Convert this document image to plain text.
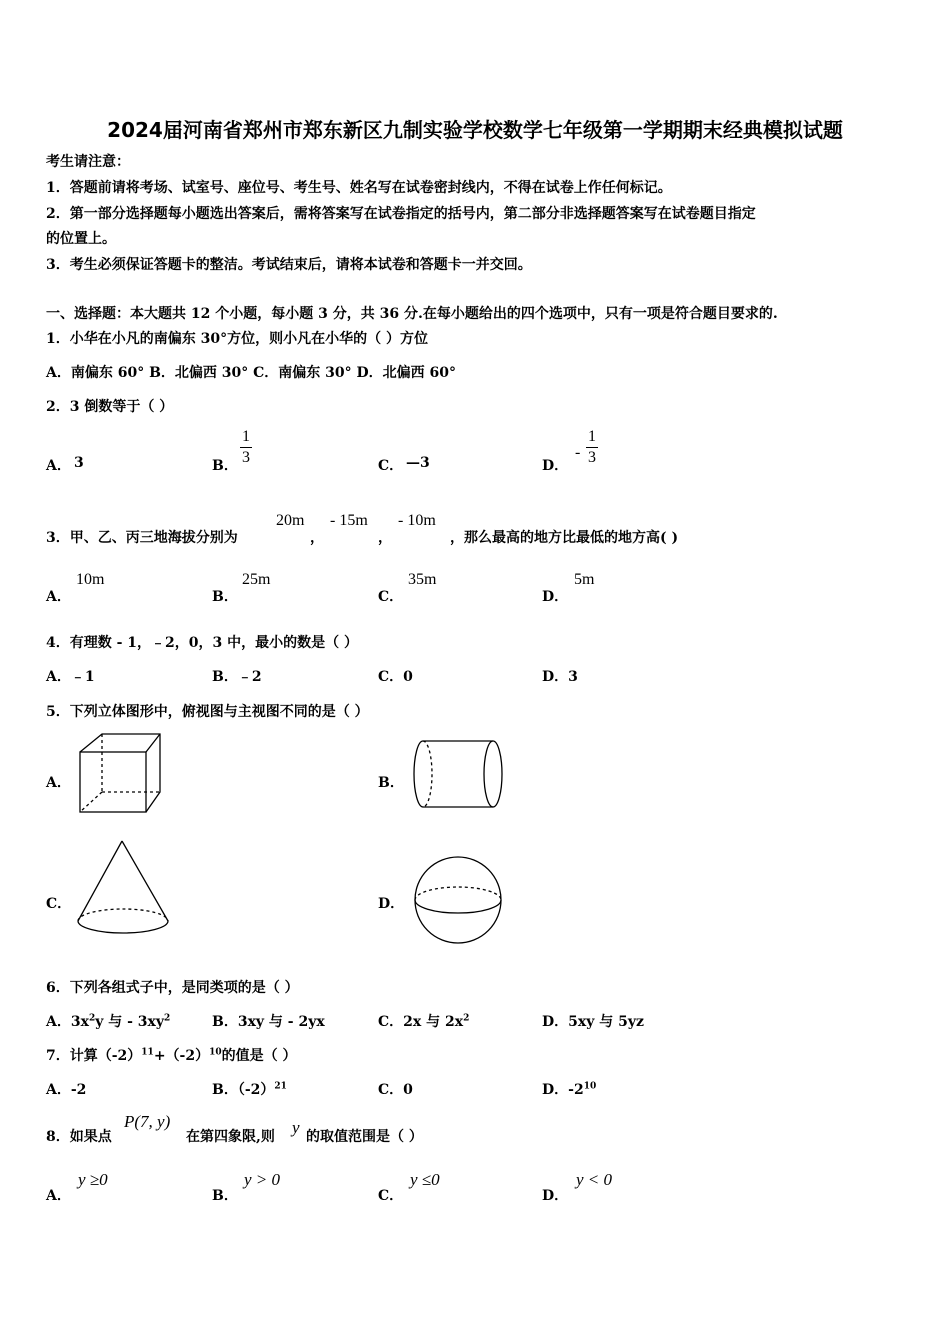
2024届河南省郑州市郑东新区九制实验学校数学七年级第一学期期末经典模拟试题
考生请注意：
1．答题前请将考场、试室号、座位号、考生号、姓名写在试卷密封线内，不得在试卷上作任何标记。
2．第一部分选择题每小题选出答案后，需将答案写在试卷指定的括号内，第二部分非选择题答案写在试卷题目指定
的位置上。
3．考生必须保证答题卡的整洁。考试结束后，请将本试卷和答题卡一并交回。
一、选择题：本大题共 12 个小题，每小题 3 分，共 36 分.在每小题给出的四个选项中，只有一项是符合题目要求的.
1．小华在小凡的南偏东 30°方位，则小凡在小华的（ ）方位
A．南偏东 60° B．北偏西 30° C．南偏东 30° D．北偏西 60°
2．3 倒数等于（ ）
A． 3	B．
1
3	C． —3	D．
-
1
3
3．甲、乙、丙三地海拔分别为
20m
，
- 15m
，
- 10m
，那么最高的地方比最低的地方高( )
A．
10m
B．
25m
C．
35m
D．
5m
4．有理数 - 1，﹣2，0，3 中，最小的数是（ ）
A．﹣1	B．﹣2	C．0	D．3
5．下列立体图形中，俯视图与主视图不同的是（ ）
A．	B．
C．	D．
6．下列各组式子中，是同类项的是（ ）
A．$3x^2y$ 与 - $3xy^2$	B．3xy 与 - 2yx	C．2x 与 $2x^2$	D．5xy 与 5yz
7．计算$(-2)^{11}+(-2)^{10}$的值是（ ）
A．-2	B．$(-2)^{21}$	C．0	D．$-2^{10}$
8．如果点
P(7, y)
在第四象限,则 y 的取值范围是（ ）
A．
y ≥0
B．
y > 0
C．
y ≤0
D．
y < 0
